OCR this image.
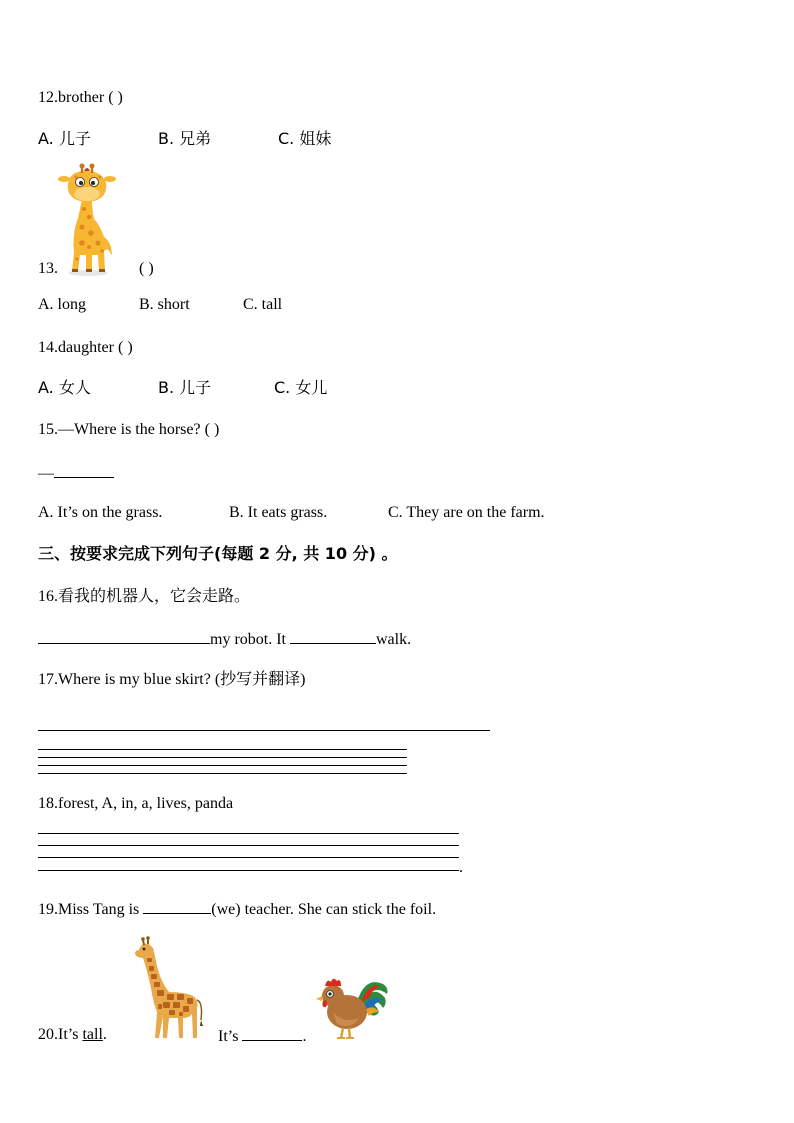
12.brother ( )
A. 儿子	B. 兄弟	C. 姐妹
13.	( )
A. long	B. short	C. tall
14.daughter ( )
A. 女人	B. 儿子	C. 女儿
15.—Where is the horse? ( )
—
A. It’s on the grass.	B. It eats grass.	C. They are on the farm.
三、按要求完成下列句子(每题 2 分, 共 10 分) 。
16.看我的机器人，它会走路。
my robot. It	walk.
17.Where is my blue skirt? (抄写并翻译)
18.forest, A, in, a, lives, panda
.
19.Miss Tang is	(we) teacher. She can stick the foil.
20.It’s tall.	It’s	.
